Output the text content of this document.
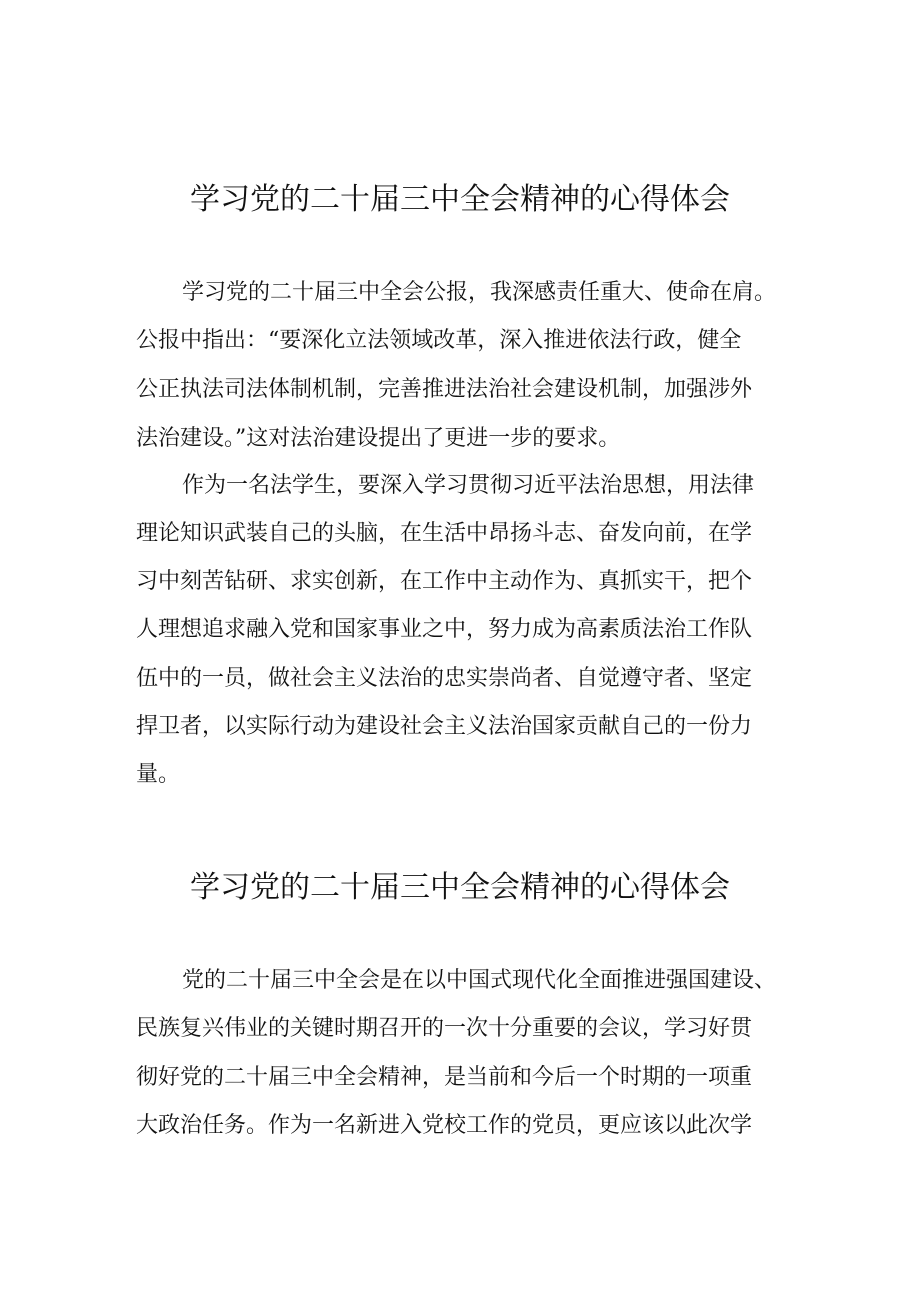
学习党的二十届三中全会精神的心得体会
学习党的二十届三中全会公报，我深感责任重大、使命在肩。
公报中指出：“要深化立法领域改革，深入推进依法行政，健全
公正执法司法体制机制，完善推进法治社会建设机制，加强涉外
法治建设。”这对法治建设提出了更进一步的要求。
作为一名法学生，要深入学习贯彻习近平法治思想，用法律
理论知识武装自己的头脑，在生活中昂扬斗志、奋发向前，在学
习中刻苦钻研、求实创新，在工作中主动作为、真抓实干，把个
人理想追求融入党和国家事业之中，努力成为高素质法治工作队
伍中的一员，做社会主义法治的忠实崇尚者、自觉遵守者、坚定
捍卫者，以实际行动为建设社会主义法治国家贡献自己的一份力
量。
学习党的二十届三中全会精神的心得体会
党的二十届三中全会是在以中国式现代化全面推进强国建设、
民族复兴伟业的关键时期召开的一次十分重要的会议，学习好贯
彻好党的二十届三中全会精神，是当前和今后一个时期的一项重
大政治任务。作为一名新进入党校工作的党员，更应该以此次学
